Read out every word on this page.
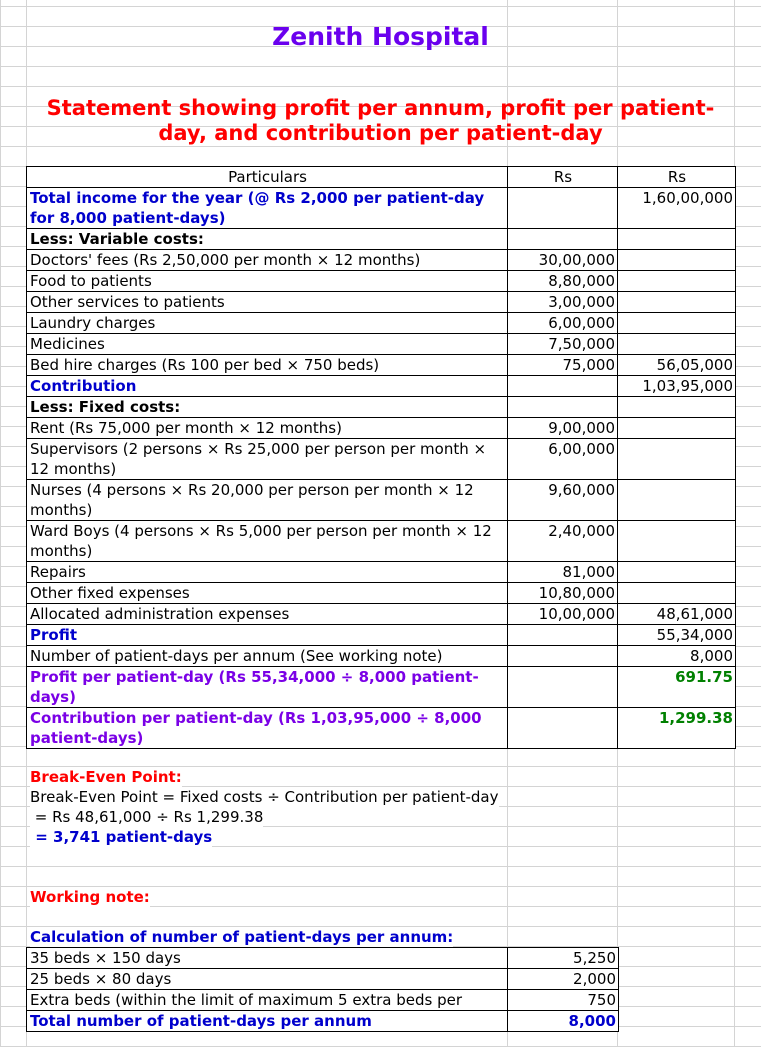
Zenith Hospital
Statement showing profit per annum, profit per patient-
day, and contribution per patient-day
Particulars	Rs	Rs
Total income for the year (@ Rs 2,000 per patient-day for 8,000 patient-days)		1,60,00,000
Less: Variable costs:		
Doctors' fees (Rs 2,50,000 per month × 12 months)	30,00,000	
Food to patients	8,80,000	
Other services to patients	3,00,000	
Laundry charges	6,00,000	
Medicines	7,50,000	
Bed hire charges (Rs 100 per bed × 750 beds)	75,000	56,05,000
Contribution		1,03,95,000
Less: Fixed costs:		
Rent (Rs 75,000 per month × 12 months)	9,00,000	
Supervisors (2 persons × Rs 25,000 per person per month × 12 months)	6,00,000	
Nurses (4 persons × Rs 20,000 per person per month × 12 months)	9,60,000	
Ward Boys (4 persons × Rs 5,000 per person per month × 12 months)	2,40,000	
Repairs	81,000	
Other fixed expenses	10,80,000	
Allocated administration expenses	10,00,000	48,61,000
Profit		55,34,000
Number of patient-days per annum (See working note)		8,000
Profit per patient-day (Rs 55,34,000 ÷ 8,000 patient-days)		691.75
Contribution per patient-day (Rs 1,03,95,000 ÷ 8,000 patient-days)		1,299.38
Break-Even Point:
Break-Even Point = Fixed costs ÷ Contribution per patient-day
= Rs 48,61,000 ÷ Rs 1,299.38
= 3,741 patient-days
Working note:
Calculation of number of patient-days per annum:
35 beds × 150 days	5,250
25 beds × 80 days	2,000
Extra beds (within the limit of maximum 5 extra beds per	750
Total number of patient-days per annum	8,000
